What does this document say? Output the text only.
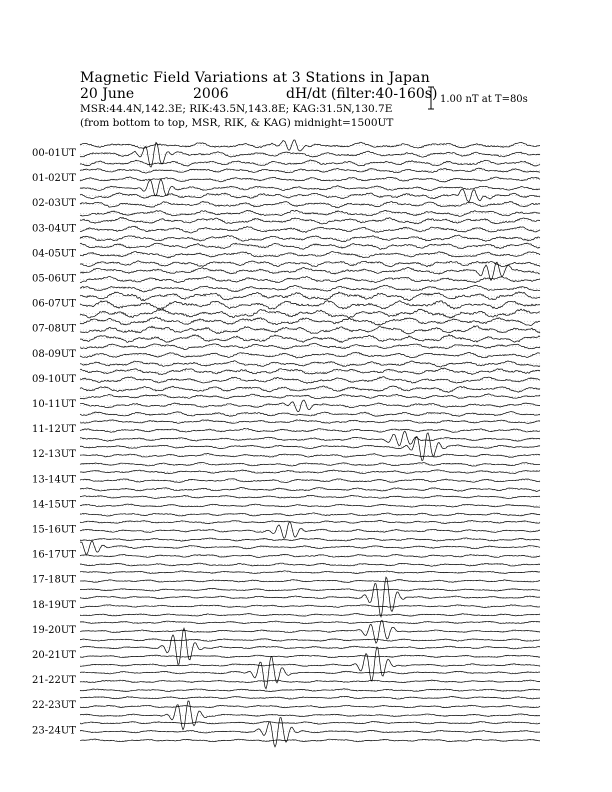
Magnetic Field Variations at 3 Stations in Japan
20 June	2006	dH/dt (filter:40-160s)
MSR:44.4N,142.3E; RIK:43.5N,143.8E; KAG:31.5N,130.7E
(from bottom to top, MSR, RIK, & KAG) midnight=1500UT
1.00 nT at T=80s
00-01UT
01-02UT
02-03UT
03-04UT
04-05UT
05-06UT
06-07UT
07-08UT
08-09UT
09-10UT
10-11UT
11-12UT
12-13UT
13-14UT
14-15UT
15-16UT
16-17UT
17-18UT
18-19UT
19-20UT
20-21UT
21-22UT
22-23UT
23-24UT
